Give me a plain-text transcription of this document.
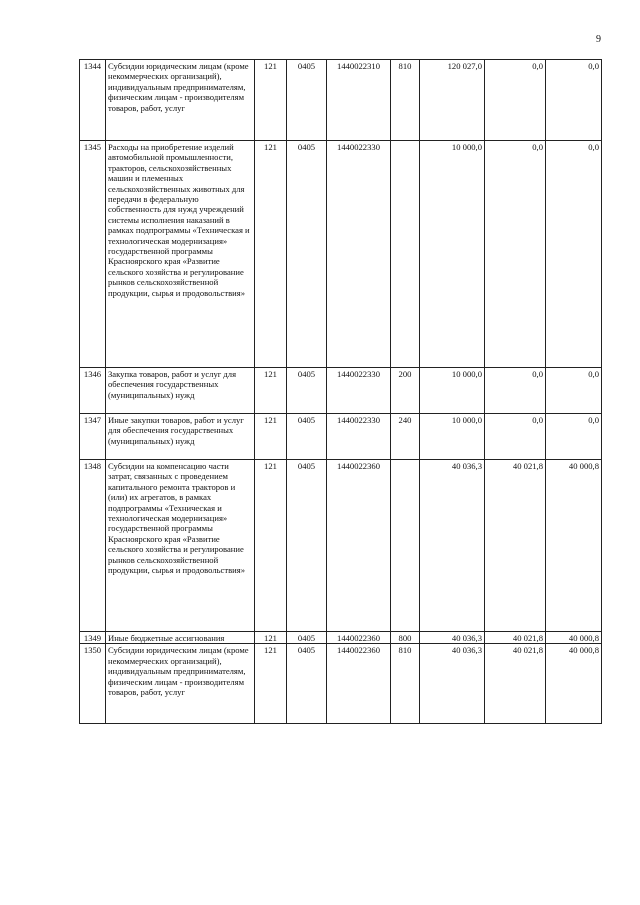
9
1344	Субсидии юридическим лицам (кроме некоммерческих организаций), индивидуальным предпринимателям, физическим лицам - производителям товаров, работ, услуг	121	0405	1440022310	810	120 027,0	0,0	0,0
1345	Расходы на приобретение изделий автомобильной промышленности, тракторов, сельскохозяйственных машин и племенных сельскохозяйственных животных для передачи в федеральную собственность для нужд учреждений системы исполнения наказаний в рамках подпрограммы «Техническая и технологическая модернизация» государственной программы Красноярского края «Развитие сельского хозяйства и регулирование рынков сельскохозяйственной продукции, сырья и продовольствия»	121	0405	1440022330		10 000,0	0,0	0,0
1346	Закупка товаров, работ и услуг для обеспечения государственных (муниципальных) нужд	121	0405	1440022330	200	10 000,0	0,0	0,0
1347	Иные закупки товаров, работ и услуг для обеспечения государственных (муниципальных) нужд	121	0405	1440022330	240	10 000,0	0,0	0,0
1348	Субсидии на компенсацию части затрат, связанных с проведением капитального ремонта тракторов и (или) их агрегатов, в рамках подпрограммы «Техническая и технологическая модернизация» государственной программы Красноярского края «Развитие сельского хозяйства и регулирование рынков сельскохозяйственной продукции, сырья и продовольствия»	121	0405	1440022360		40 036,3	40 021,8	40 000,8
1349	Иные бюджетные ассигнования	121	0405	1440022360	800	40 036,3	40 021,8	40 000,8
1350	Субсидии юридическим лицам (кроме некоммерческих организаций), индивидуальным предпринимателям, физическим лицам - производителям товаров, работ, услуг	121	0405	1440022360	810	40 036,3	40 021,8	40 000,8
